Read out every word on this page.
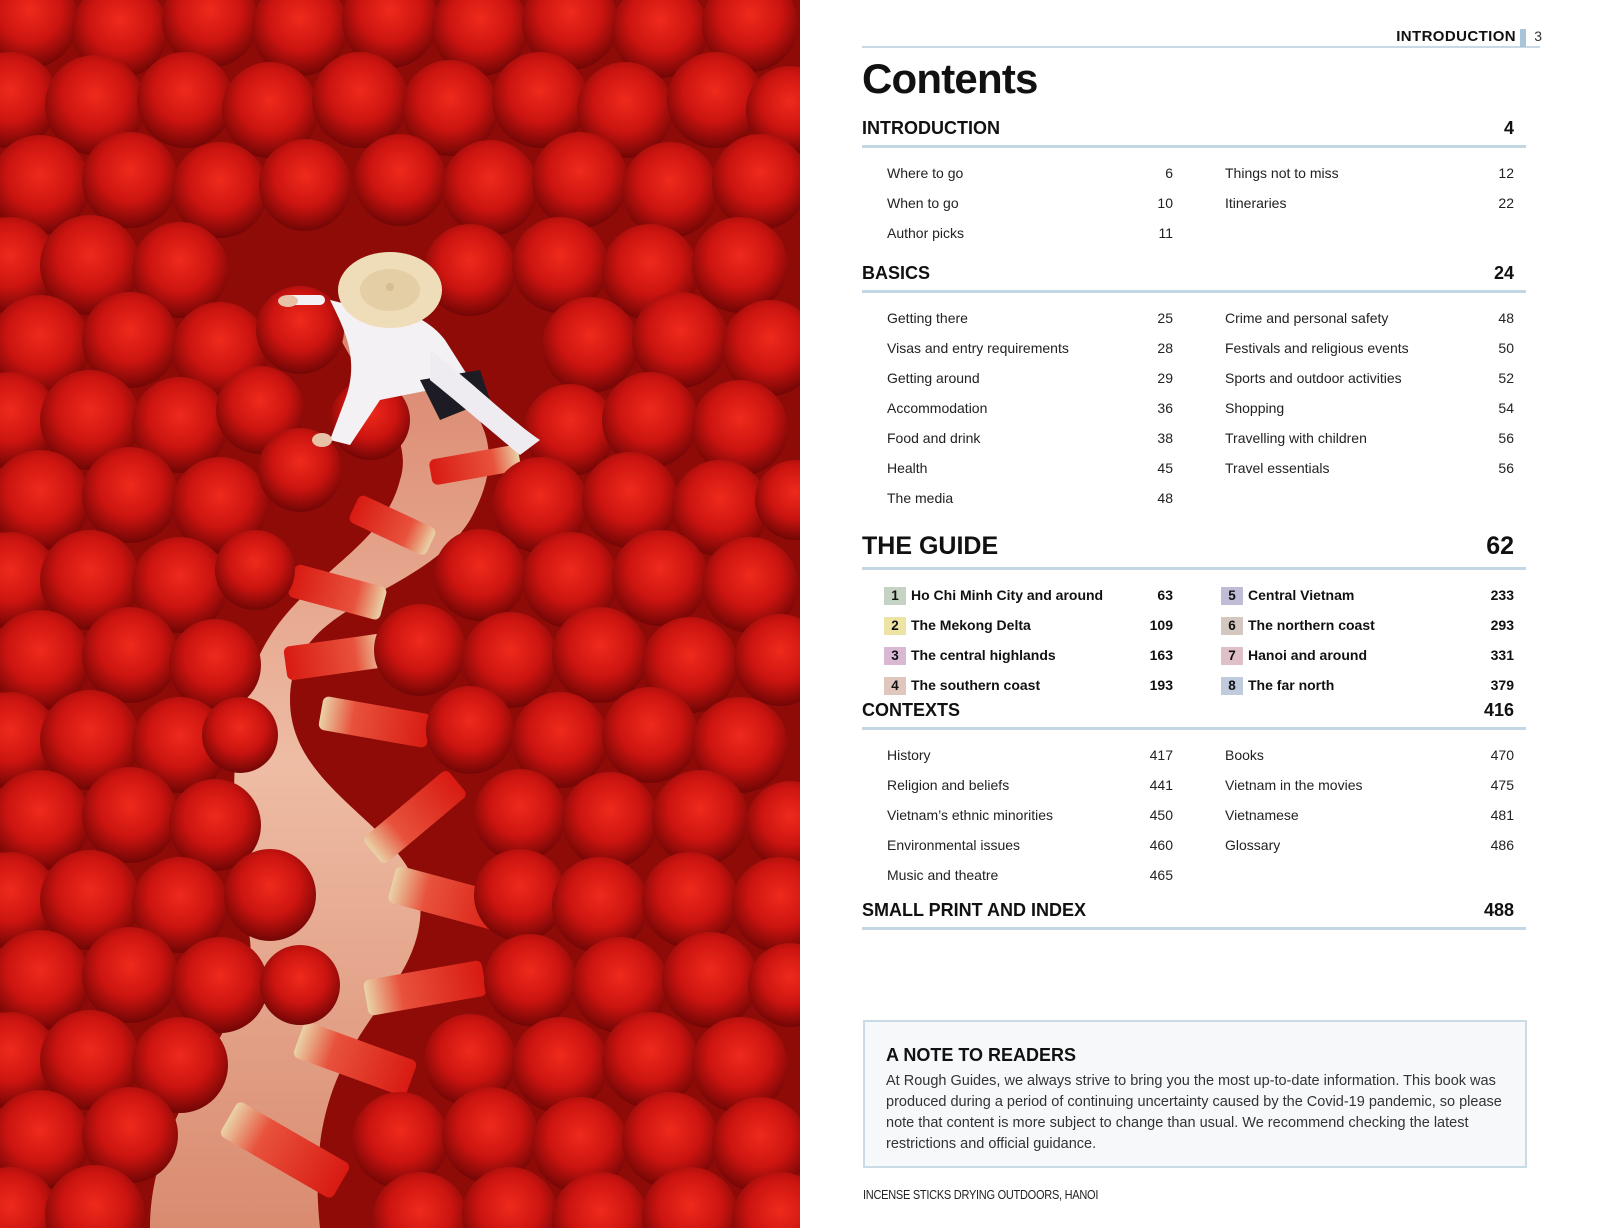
INTRODUCTION 3
Contents
INTRODUCTION	4
Where to go	6
When to go	10
Author picks	11
Things not to miss	12
Itineraries	22
BASICS	24
Getting there	25
Visas and entry requirements	28
Getting around	29
Accommodation	36
Food and drink	38
Health	45
The media	48
Crime and personal safety	48
Festivals and religious events	50
Sports and outdoor activities	52
Shopping	54
Travelling with children	56
Travel essentials	56
THE GUIDE	62
1 Ho Chi Minh City and around	63
2 The Mekong Delta	109
3 The central highlands	163
4 The southern coast	193
5 Central Vietnam	233
6 The northern coast	293
7 Hanoi and around	331
8 The far north	379
CONTEXTS	416
History	417
Religion and beliefs	441
Vietnam’s ethnic minorities	450
Environmental issues	460
Music and theatre	465
Books	470
Vietnam in the movies	475
Vietnamese	481
Glossary	486
SMALL PRINT AND INDEX	488
A NOTE TO READERS
At Rough Guides, we always strive to bring you the most up-to-date information. This book was produced during a period of continuing uncertainty caused by the Covid-19 pandemic, so please note that content is more subject to change than usual. We recommend checking the latest restrictions and official guidance.
INCENSE STICKS DRYING OUTDOORS, HANOI
